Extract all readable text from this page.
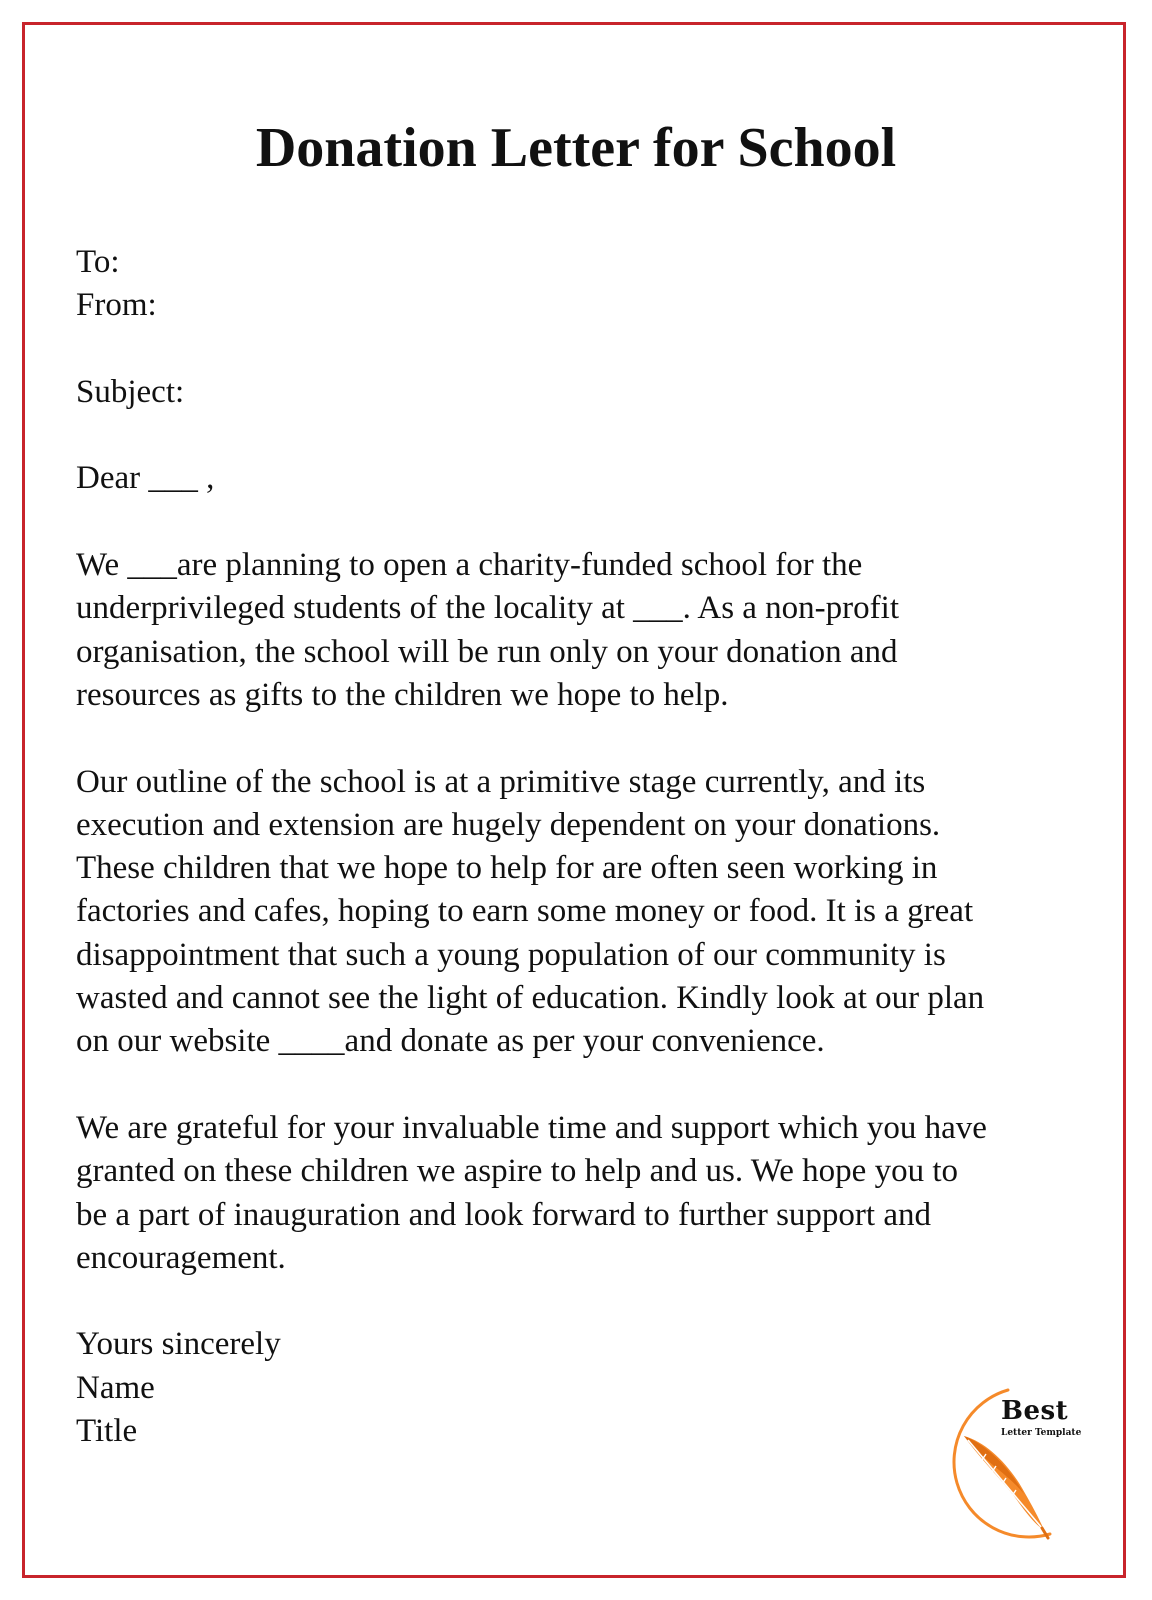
Donation Letter for School
To:
From:
Subject:
Dear ___ ,
We ___are planning to open a charity-funded school for the
underprivileged students of the locality at ___. As a non-profit
organisation, the school will be run only on your donation and
resources as gifts to the children we hope to help.
Our outline of the school is at a primitive stage currently, and its
execution and extension are hugely dependent on your donations.
These children that we hope to help for are often seen working in
factories and cafes, hoping to earn some money or food. It is a great
disappointment that such a young population of our community is
wasted and cannot see the light of education. Kindly look at our plan
on our website ____and donate as per your convenience.
We are grateful for your invaluable time and support which you have
granted on these children we aspire to help and us. We hope you to
be a part of inauguration and look forward to further support and
encouragement.
Yours sincerely
Name
Title
Best
Letter Template
